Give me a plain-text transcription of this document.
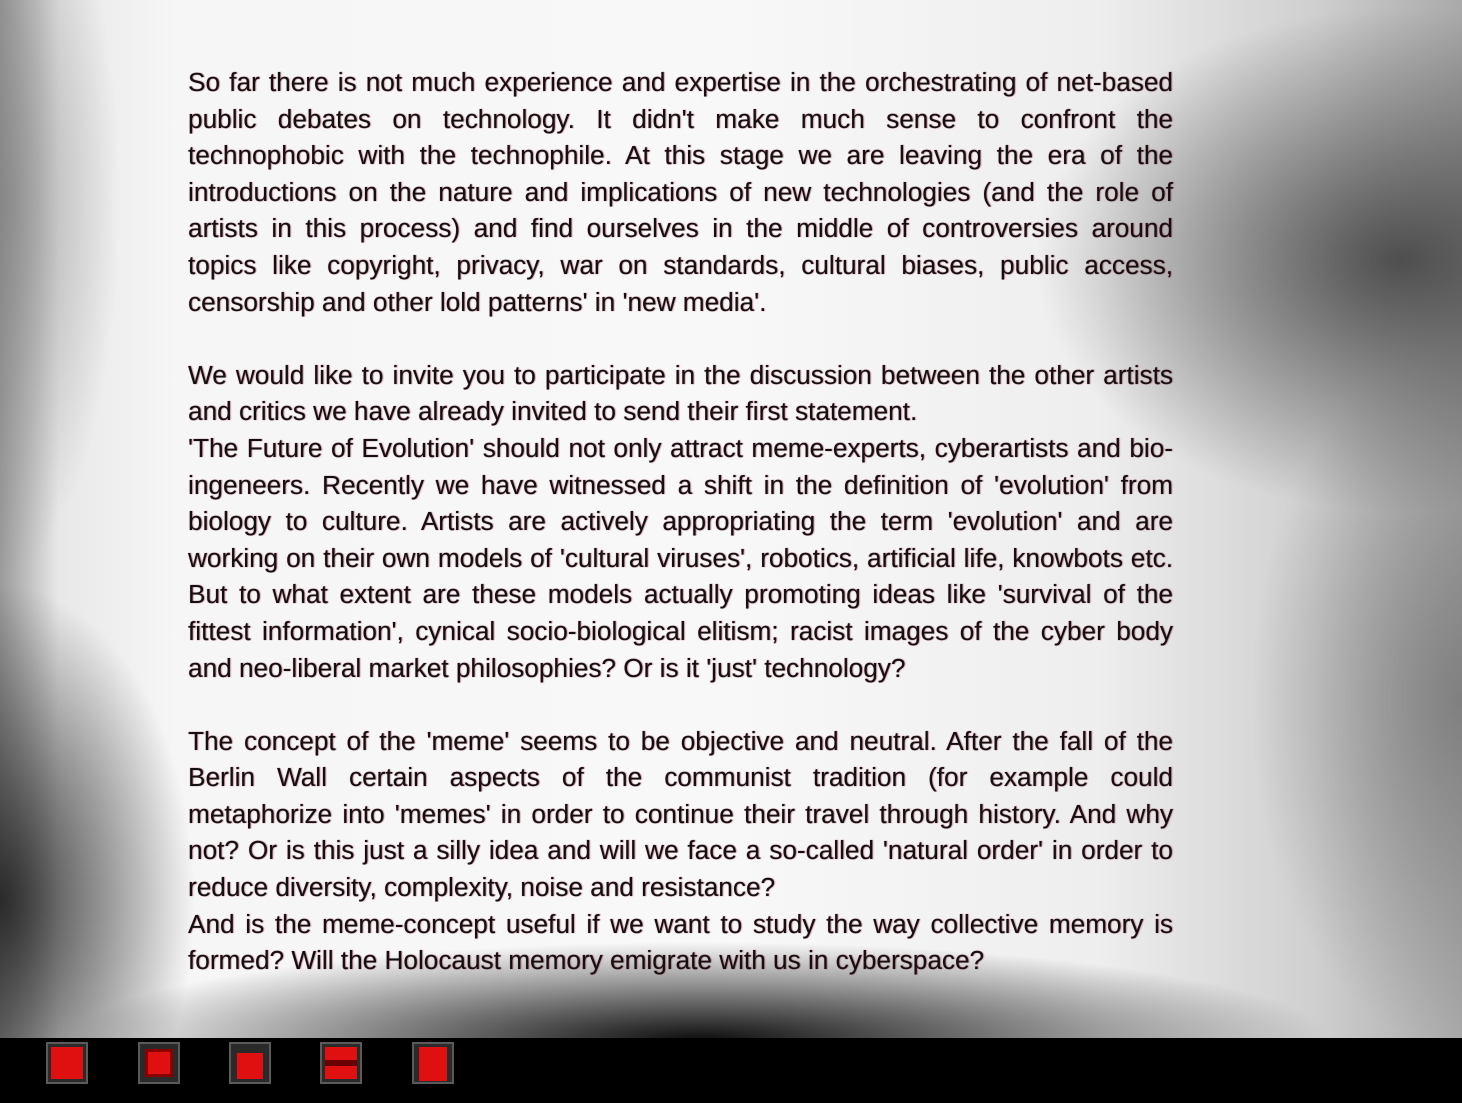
So far there is not much experience and expertise in the orchestrating of net-based public debates on technology. It didn't make much sense to confront the technophobic with the technophile. At this stage we are leaving the era of the introductions on the nature and implications of new technologies (and the role of artists in this process) and find ourselves in the middle of controversies around topics like copyright, privacy, war on standards, cultural biases, public access, censorship and other lold patterns' in 'new media'.

We would like to invite you to participate in the discussion between the other artists and critics we have already invited to send their first statement.

'The Future of Evolution' should not only attract meme-experts, cyberartists and bio-ingeneers. Recently we have witnessed a shift in the definition of 'evolution' from biology to culture. Artists are actively appropriating the term 'evolution' and are working on their own models of 'cultural viruses', robotics, artificial life, knowbots etc. But to what extent are these models actually promoting ideas like 'survival of the fittest information', cynical socio-biological elitism; racist images of the cyber body and neo-liberal market philosophies? Or is it 'just' technology?

The concept of the 'meme' seems to be objective and neutral. After the fall of the Berlin Wall certain aspects of the communist tradition (for example could metaphorize into 'memes' in order to continue their travel through history. And why not? Or is this just a silly idea and will we face a so-called 'natural order' in order to reduce diversity, complexity, noise and resistance?

And is the meme-concept useful if we want to study the way collective memory is formed? Will the Holocaust memory emigrate with us in cyberspace?
